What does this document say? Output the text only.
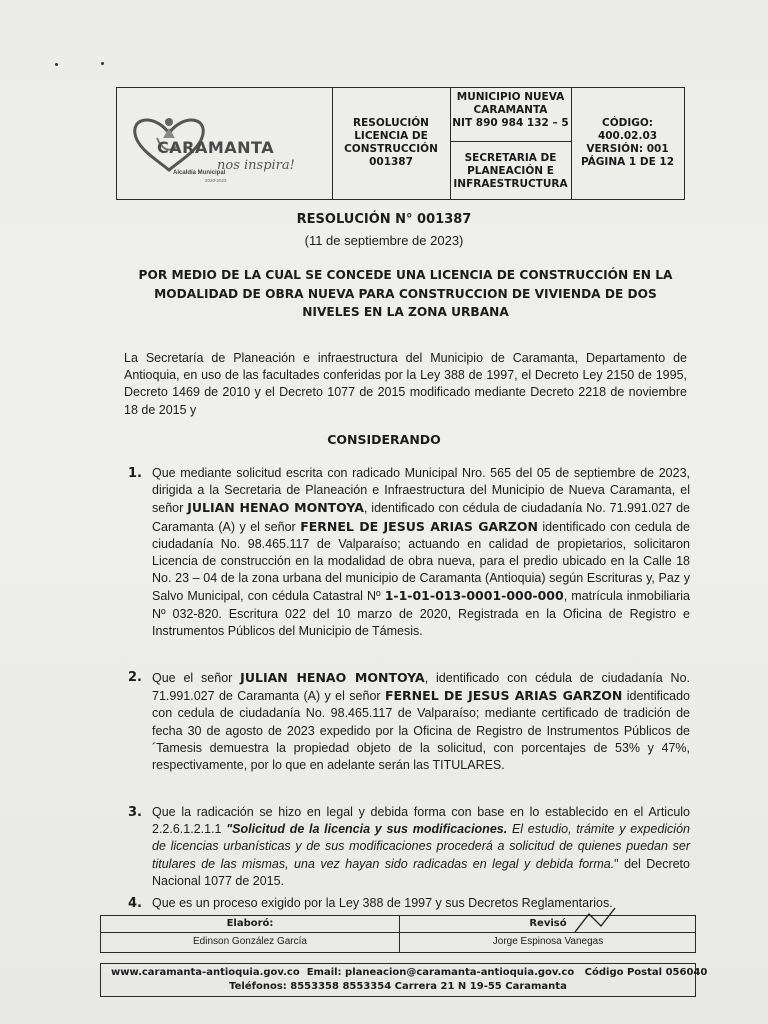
CARAMANTA
nos inspira!
Alcaldía Municipal
2020-2023
RESOLUCIÓN
LICENCIA DE
CONSTRUCCIÓN
001387
MUNICIPIO NUEVA
CARAMANTA
NIT 890 984 132 – 5
SECRETARIA DE
PLANEACIÓN E
INFRAESTRUCTURA
CÓDIGO:
400.02.03
VERSIÓN: 001
PÁGINA 1 DE 12
RESOLUCIÓN N° 001387
(11 de septiembre de 2023)
POR MEDIO DE LA CUAL SE CONCEDE UNA LICENCIA DE CONSTRUCCIÓN EN LA
MODALIDAD DE OBRA NUEVA PARA CONSTRUCCION DE VIVIENDA DE DOS
NIVELES EN LA ZONA URBANA
La Secretaría de Planeación e infraestructura del Municipio de Caramanta, Departamento de Antioquia, en uso de las facultades conferidas por la Ley 388 de 1997, el Decreto Ley 2150 de 1995, Decreto 1469 de 2010 y el Decreto 1077 de 2015 modificado mediante Decreto 2218 de noviembre 18 de 2015 y
CONSIDERANDO
1. Que mediante solicitud escrita con radicado Municipal Nro. 565 del 05 de septiembre de 2023, dirigida a la Secretaria de Planeación e Infraestructura del Municipio de Nueva Caramanta, el señor JULIAN HENAO MONTOYA, identificado con cédula de ciudadanía No. 71.991.027 de Caramanta (A) y el señor FERNEL DE JESUS ARIAS GARZON identificado con cedula de ciudadanía No. 98.465.117 de Valparaíso; actuando en calidad de propietarios, solicitaron Licencia de construcción en la modalidad de obra nueva, para el predio ubicado en la Calle 18 No. 23 – 04 de la zona urbana del municipio de Caramanta (Antioquia) según Escrituras y, Paz y Salvo Municipal, con cédula Catastral Nº 1-1-01-013-0001-000-000, matrícula inmobiliaria Nº 032-820. Escritura 022 del 10 marzo de 2020, Registrada en la Oficina de Registro e Instrumentos Públicos del Municipio de Támesis.
2. Que el señor JULIAN HENAO MONTOYA, identificado con cédula de ciudadanía No. 71.991.027 de Caramanta (A) y el señor FERNEL DE JESUS ARIAS GARZON identificado con cedula de ciudadanía No. 98.465.117 de Valparaíso; mediante certificado de tradición de fecha 30 de agosto de 2023 expedido por la Oficina de Registro de Instrumentos Públicos de´Tamesis demuestra la propiedad objeto de la solicitud, con porcentajes de 53% y 47%, respectivamente, por lo que en adelante serán las TITULARES.
3. Que la radicación se hizo en legal y debida forma con base en lo establecido en el Articulo 2.2.6.1.2.1.1 "Solicitud de la licencia y sus modificaciones. El estudio, trámite y expedición de licencias urbanísticas y de sus modificaciones procederá a solicitud de quienes puedan ser titulares de las mismas, una vez hayan sido radicadas en legal y debida forma." del Decreto Nacional 1077 de 2015.
4. Que es un proceso exigido por la Ley 388 de 1997 y sus Decretos Reglamentarios.
Elaboró:	Revisó
Edinson González García	Jorge Espinosa Vanegas
www.caramanta-antioquia.gov.co Email: planeacion@caramanta-antioquia.gov.co Código Postal 056040
Teléfonos: 8553358 8553354 Carrera 21 N 19-55 Caramanta
